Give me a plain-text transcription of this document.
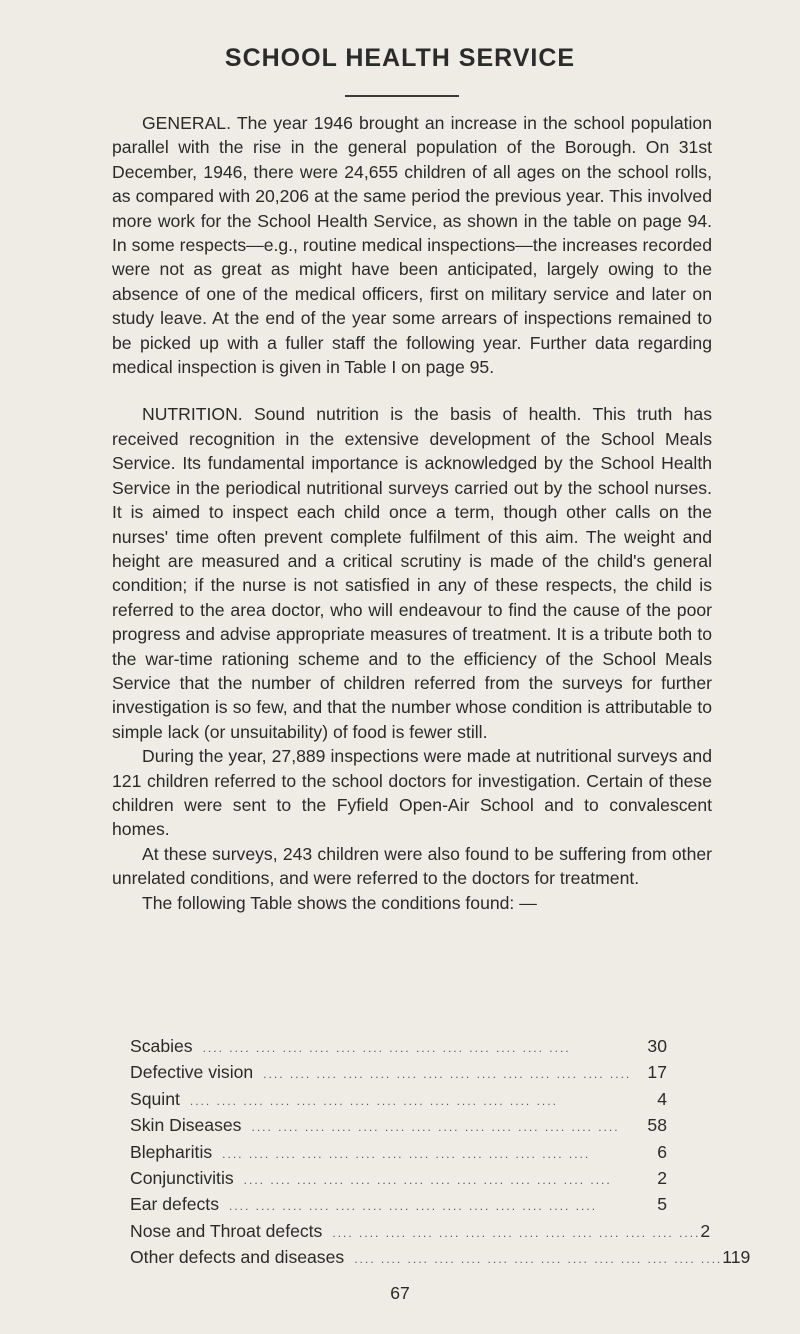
SCHOOL HEALTH SERVICE

GENERAL. The year 1946 brought an increase in the school population parallel with the rise in the general population of the Borough. On 31st December, 1946, there were 24,655 children of all ages on the school rolls, as compared with 20,206 at the same period the previous year. This involved more work for the School Health Service, as shown in the table on page 94. In some respects—e.g., routine medical inspections—the increases recorded were not as great as might have been anticipated, largely owing to the absence of one of the medical officers, first on military service and later on study leave. At the end of the year some arrears of inspections remained to be picked up with a fuller staff the following year. Further data regarding medical inspection is given in Table I on page 95.

NUTRITION. Sound nutrition is the basis of health. This truth has received recognition in the extensive development of the School Meals Service. Its fundamental importance is acknowledged by the School Health Service in the periodical nutritional surveys carried out by the school nurses. It is aimed to inspect each child once a term, though other calls on the nurses' time often prevent complete fulfilment of this aim. The weight and height are measured and a critical scrutiny is made of the child's general condition; if the nurse is not satisfied in any of these respects, the child is referred to the area doctor, who will endeavour to find the cause of the poor progress and advise appropriate measures of treatment. It is a tribute both to the war-time rationing scheme and to the efficiency of the School Meals Service that the number of children referred from the surveys for further investigation is so few, and that the number whose condition is attributable to simple lack (or unsuitability) of food is fewer still.

During the year, 27,889 inspections were made at nutritional surveys and 121 children referred to the school doctors for investigation. Certain of these children were sent to the Fyfield Open-Air School and to convalescent homes.

At these surveys, 243 children were also found to be suffering from other unrelated conditions, and were referred to the doctors for treatment.

The following Table shows the conditions found: —

Scabies .... .... .... .... .... .... .... .... .... .... .... .... .... ....	30
Defective vision .... .... .... .... .... .... .... .... .... .... .... .... .... .... 17
Squint .... .... .... .... .... .... .... .... .... .... .... .... .... ....	4
Skin Diseases .... .... .... .... .... .... .... .... .... .... .... .... .... ....	58
Blepharitis .... .... .... .... .... .... .... .... .... .... .... .... .... ....	6
Conjunctivitis .... .... .... .... .... .... .... .... .... .... .... .... .... ....	2
Ear defects .... .... .... .... .... .... .... .... .... .... .... .... .... ....	5
Nose and Throat defects .... .... .... .... .... .... .... .... .... .... .... .... .... .... 2
Other defects and diseases .... .... .... .... .... .... .... .... .... .... .... .... .... .... 119
67
